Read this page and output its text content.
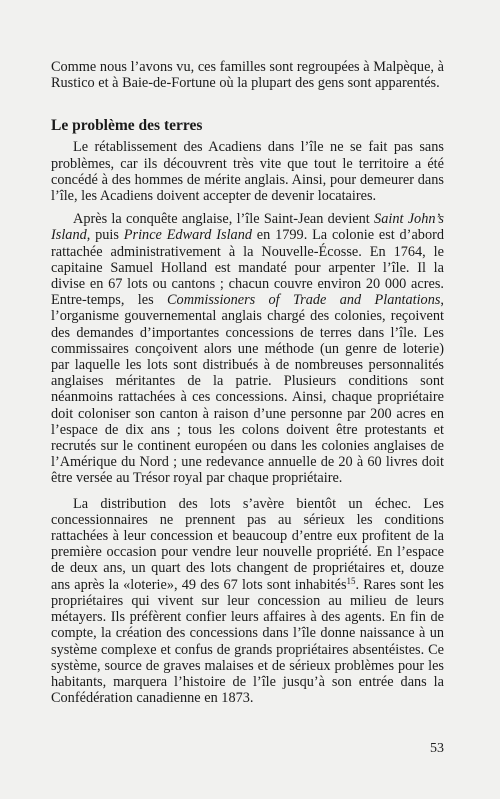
Comme nous l’avons vu, ces familles sont regroupées à Malpèque, à Rustico et à Baie-de-Fortune où la plupart des gens sont apparentés.

Le problème des terres

Le rétablissement des Acadiens dans l’île ne se fait pas sans problèmes, car ils découvrent très vite que tout le territoire a été concédé à des hommes de mérite anglais. Ainsi, pour demeurer dans l’île, les Acadiens doivent accepter de devenir locataires.

Après la conquête anglaise, l’île Saint-Jean devient Saint John’s Island, puis Prince Edward Island en 1799. La colonie est d’abord rattachée administrativement à la Nouvelle-Écosse. En 1764, le capitaine Samuel Holland est mandaté pour arpenter l’île. Il la divise en 67 lots ou cantons ; chacun couvre environ 20 000 acres. Entre-temps, les Commissioners of Trade and Plantations, l’organisme gouvernemental anglais chargé des colonies, reçoivent des demandes d’importantes concessions de terres dans l’île. Les commissaires conçoivent alors une méthode (un genre de loterie) par laquelle les lots sont distribués à de nombreuses personnalités anglaises méritantes de la patrie. Plusieurs conditions sont néanmoins rattachées à ces concessions. Ainsi, chaque propriétaire doit coloniser son canton à raison d’une personne par 200 acres en l’espace de dix ans ; tous les colons doivent être protestants et recrutés sur le continent européen ou dans les colonies anglaises de l’Amérique du Nord ; une redevance annuelle de 20 à 60 livres doit être versée au Trésor royal par chaque propriétaire.

La distribution des lots s’avère bientôt un échec. Les concessionnaires ne prennent pas au sérieux les conditions rattachées à leur concession et beaucoup d’entre eux profitent de la première occasion pour vendre leur nouvelle propriété. En l’espace de deux ans, un quart des lots changent de propriétaires et, douze ans après la «loterie», 49 des 67 lots sont inhabités$^{15}$. Rares sont les propriétaires qui vivent sur leur concession au milieu de leurs métayers. Ils préfèrent confier leurs affaires à des agents. En fin de compte, la création des concessions dans l’île donne naissance à un système complexe et confus de grands propriétaires absentéistes. Ce système, source de graves malaises et de sérieux problèmes pour les habitants, marquera l’histoire de l’île jusqu’à son entrée dans la Confédération canadienne en 1873.

53
